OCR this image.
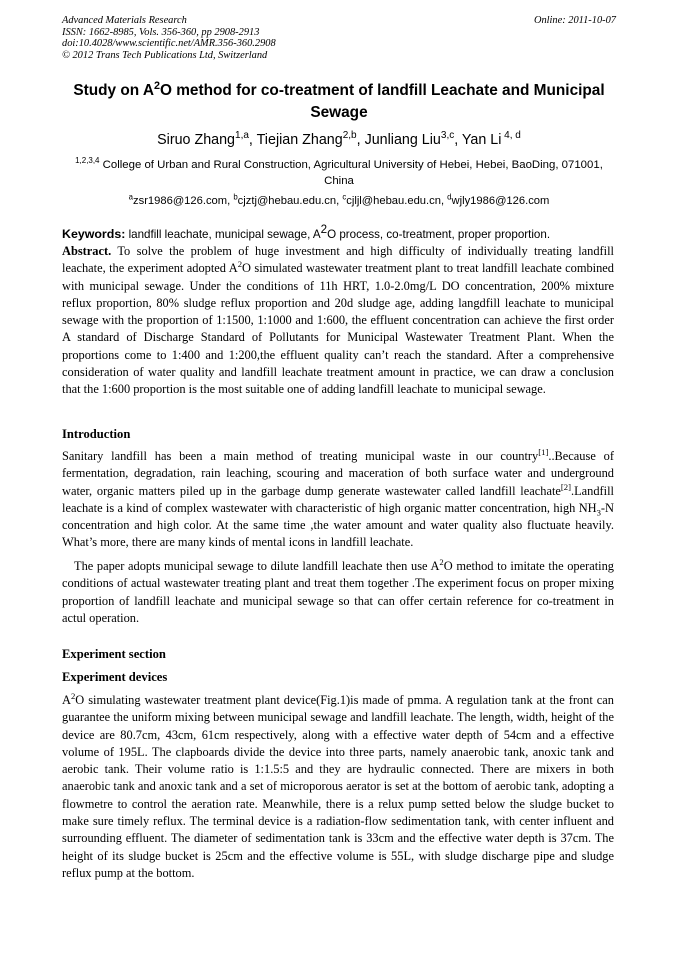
Advanced Materials Research
ISSN: 1662-8985, Vols. 356-360, pp 2908-2913
doi:10.4028/www.scientific.net/AMR.356-360.2908
© 2012 Trans Tech Publications Ltd, Switzerland
Online: 2011-10-07
Study on $A^2O$ method for co-treatment of landfill Leachate and Municipal Sewage
Siruo Zhang$^{1,a}$, Tiejian Zhang$^{2,b}$, Junliang Liu$^{3,c}$, Yan Li $^{4, d}$
$^{1,2,3,4}$ College of Urban and Rural Construction, Agricultural University of Hebei, Hebei, BaoDing, 071001, China
$^a$zsr1986@126.com, $^b$cjztj@hebau.edu.cn, $^c$cjljl@hebau.edu.cn, $^d$wjly1986@126.com
Keywords: landfill leachate, municipal sewage, $A^2O$ process, co-treatment, proper proportion.
Abstract. To solve the problem of huge investment and high difficulty of individually treating landfill leachate, the experiment adopted $A^2O$ simulated wastewater treatment plant to treat landfill leachate combined with municipal sewage. Under the conditions of 11h HRT, 1.0-2.0mg/L DO concentration, 200% mixture reflux proportion, 80% sludge reflux proportion and 20d sludge age, adding langdfill leachate to municipal sewage with the proportion of 1:1500, 1:1000 and 1:600, the effluent concentration can achieve the first order A standard of Discharge Standard of Pollutants for Municipal Wastewater Treatment Plant. When the proportions come to 1:400 and 1:200,the effluent quality can’t reach the standard. After a comprehensive consideration of water quality and landfill leachate treatment amount in practice, we can draw a conclusion that the 1:600 proportion is the most suitable one of adding landfill leachate to municipal sewage.
Introduction
Sanitary landfill has been a main method of treating municipal waste in our country[1]..Because of fermentation, degradation, rain leaching, scouring and maceration of both surface water and underground water, organic matters piled up in the garbage dump generate wastewater called landfill leachate[2].Landfill leachate is a kind of complex wastewater with characteristic of high organic matter concentration, high $NH_3-N$ concentration and high color. At the same time ,the water amount and water quality also fluctuate heavily. What’s more, there are many kinds of mental icons in landfill leachate.
The paper adopts municipal sewage to dilute landfill leachate then use $A^2O$ method to imitate the operating conditions of actual wastewater treating plant and treat them together .The experiment focus on proper mixing proportion of landfill leachate and municipal sewage so that can offer certain reference for co-treatment in actul operation.
Experiment section
Experiment devices
$A^2O$ simulating wastewater treatment plant device(Fig.1)is made of pmma. A regulation tank at the front can guarantee the uniform mixing between municipal sewage and landfill leachate. The length, width, height of the device are 80.7cm, 43cm, 61cm respectively, along with a effective water depth of 54cm and a effective volume of 195L. The clapboards divide the device into three parts, namely anaerobic tank, anoxic tank and aerobic tank. Their volume ratio is 1:1.5:5 and they are hydraulic connected. There are mixers in both anaerobic tank and anoxic tank and a set of microporous aerator is set at the bottom of aerobic tank, adopting a flowmetre to control the aeration rate. Meanwhile, there is a relux pump setted below the sludge bucket to make sure timely reflux. The terminal device is a radiation-flow sedimentation tank, with center influent and surrounding effluent. The diameter of sedimentation tank is 33cm and the effective water depth is 37cm. The height of its sludge bucket is 25cm and the effective volume is 55L, with sludge discharge pipe and sludge reflux pump at the bottom.
